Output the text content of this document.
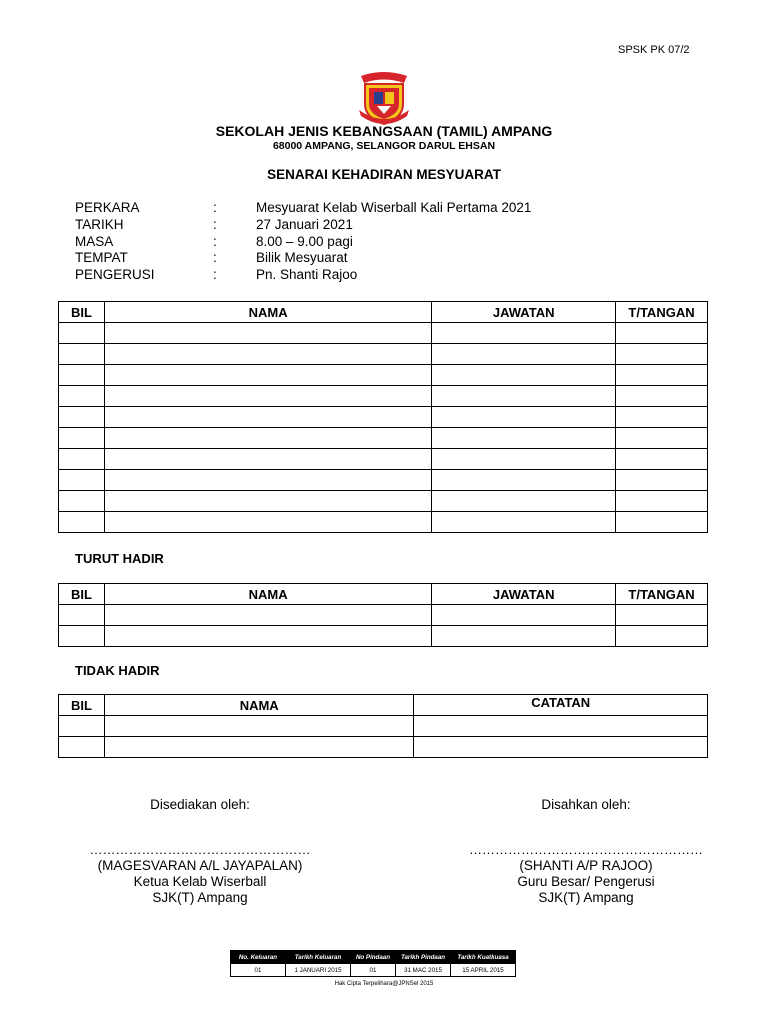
SPSK PK 07/2
SEKOLAH JENIS KEBANGSAAN (TAMIL) AMPANG
68000 AMPANG, SELANGOR DARUL EHSAN
SENARAI KEHADIRAN MESYUARAT
PERKARA	:	Mesyuarat Kelab Wiserball Kali Pertama 2021
TARIKH	:	27 Januari 2021
MASA	:	8.00 – 9.00 pagi
TEMPAT	:	Bilik Mesyuarat
PENGERUSI	:	Pn. Shanti Rajoo
BIL	NAMA	JAWATAN	T/TANGAN

TURUT HADIR
BIL	NAMA	JAWATAN	T/TANGAN

TIDAK HADIR
BIL	NAMA	CATATAN

Disediakan oleh:	Disahkan oleh:
……………………………………………
(MAGESVARAN A/L JAYAPALAN)
Ketua Kelab Wiserball
SJK(T) Ampang
………………………………………………
(SHANTI A/P RAJOO)
Guru Besar/ Pengerusi
SJK(T) Ampang
No. Keluaran	Tarikh Keluaran	No Pindaan	Tarikh Pindaan	Tarikh Kuatkuasa
01	1 JANUARI 2015	01	31 MAC 2015	15 APRIL 2015
Hak Cipta Terpelihara@JPNSel 2015
